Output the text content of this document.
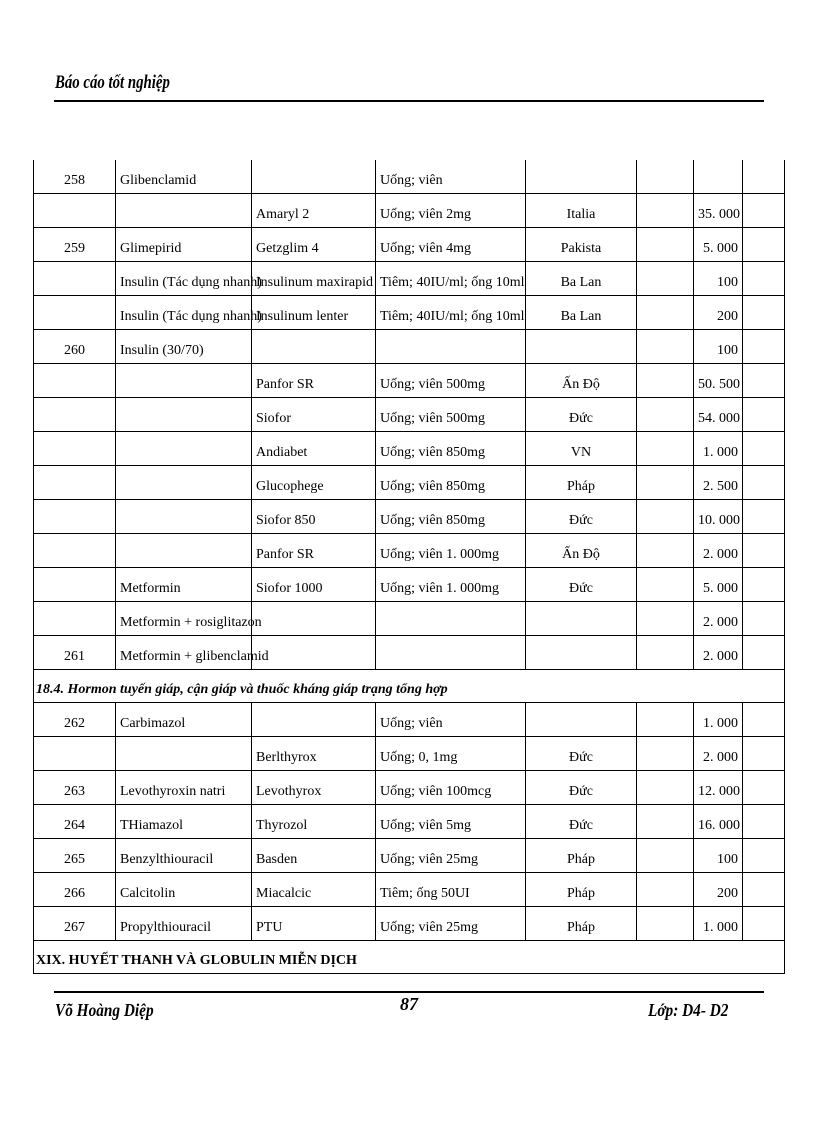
Báo cáo tốt nghiệp
258	Glibenclamid		Uống; viên				
		Amaryl 2	Uống; viên 2mg	Italia		35. 000	
259	Glimepirid	Getzglim 4	Uống; viên 4mg	Pakista		5. 000	
	Insulin (Tác dụng nhanh)	Insulinum maxirapid	Tiêm; 40IU/ml; ống 10ml	Ba Lan		100	
	Insulin (Tác dụng nhanh)	Insulinum lenter	Tiêm; 40IU/ml; ống 10ml	Ba Lan		200	
260	Insulin (30/70)					100	
		Panfor SR	Uống; viên 500mg	Ấn Độ		50. 500	
		Siofor	Uống; viên 500mg	Đức		54. 000	
		Andiabet	Uống; viên 850mg	VN		1. 000	
		Glucophege	Uống; viên 850mg	Pháp		2. 500	
		Siofor 850	Uống; viên 850mg	Đức		10. 000	
		Panfor SR	Uống; viên 1. 000mg	Ấn Độ		2. 000	
	Metformin	Siofor 1000	Uống; viên 1. 000mg	Đức		5. 000	
	Metformin + rosiglitazon					2. 000	
261	Metformin + glibenclamid					2. 000	
18.4. Hormon tuyến giáp, cận giáp và thuốc kháng giáp trạng tổng hợp							
262	Carbimazol		Uống; viên			1. 000	
		Berlthyrox	Uống; 0, 1mg	Đức		2. 000	
263	Levothyroxin natri	Levothyrox	Uống; viên 100mcg	Đức		12. 000	
264	THiamazol	Thyrozol	Uống; viên 5mg	Đức		16. 000	
265	Benzylthiouracil	Basden	Uống; viên 25mg	Pháp		100	
266	Calcitolin	Miacalcic	Tiêm; ống 50UI	Pháp		200	
267	Propylthiouracil	PTU	Uống; viên 25mg	Pháp		1. 000	
XIX. HUYẾT THANH VÀ GLOBULIN MIỄN DỊCH							
Võ Hoàng Diệp	87	Lớp: D4- D2
